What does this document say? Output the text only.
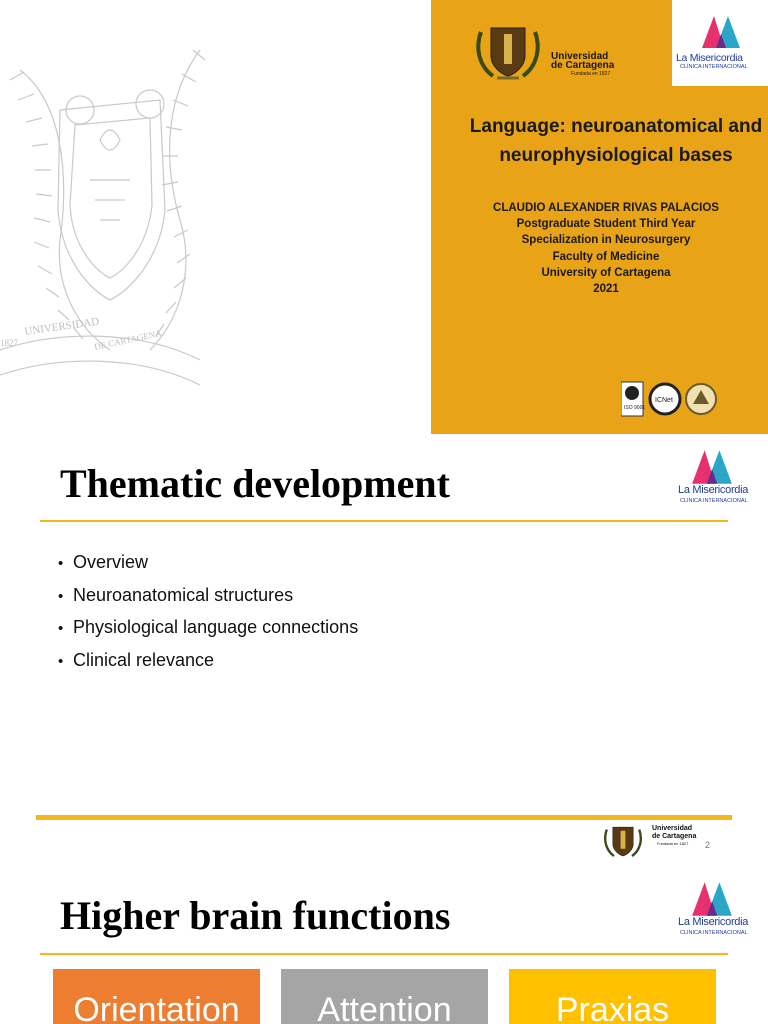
UNIVERSIDAD
DE CARTAGENA
1827
Universidad
de Cartagena
Fundada en 1827
La Misericordia
CLÍNICA INTERNACIONAL
Language: neuroanatomical and
neurophysiological bases
CLAUDIO ALEXANDER RIVAS PALACIOS
Postgraduate Student Third Year
Specialization in Neurosurgery
Faculty of Medicine
University of Cartagena
2021
ISO 9001
ICNet
Thematic development	La Misericordia
CLÍNICA INTERNACIONAL
• Overview
• Neuroanatomical structures
• Physiological language connections
• Clinical relevance
Universidad
de Cartagena
Fundada en 1827 2
Higher brain functions	La Misericordia
CLÍNICA INTERNACIONAL
Orientation	Attention	Praxias
